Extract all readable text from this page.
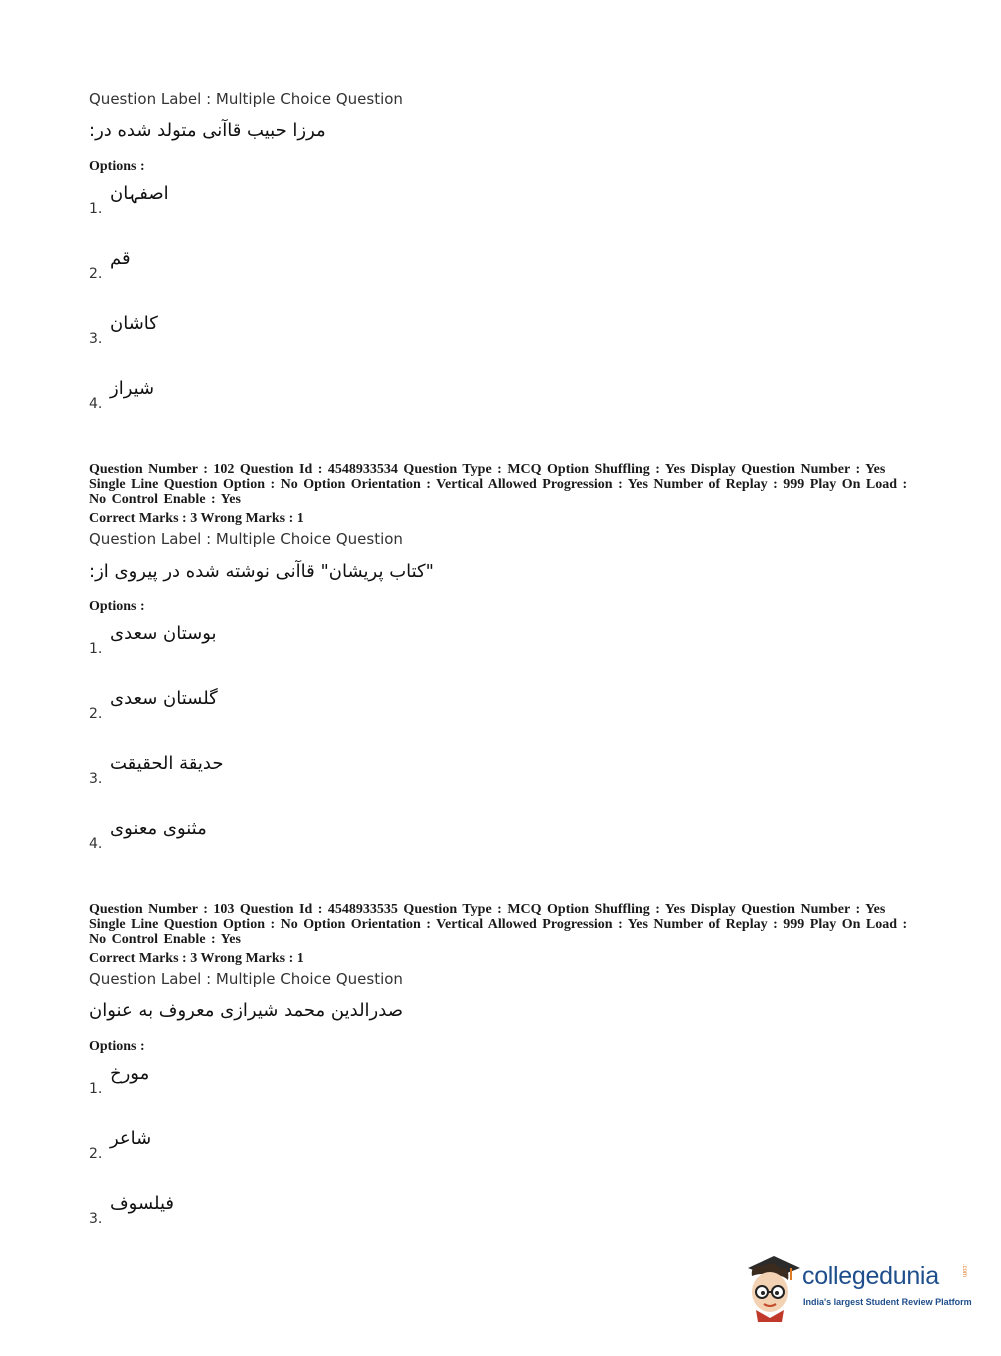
Question Label : Multiple Choice Question
مرزا حبیب قاآنی متولد شده در:
Options :
1.
اصفہان
2.
قم
3.
کاشان
4.
شیراز
Question Number : 102 Question Id : 4548933534 Question Type : MCQ Option Shuffling : Yes Display Question Number : Yes
Single Line Question Option : No Option Orientation : Vertical Allowed Progression : Yes Number of Replay : 999 Play On Load :
No Control Enable : Yes
Correct Marks : 3 Wrong Marks : 1
Question Label : Multiple Choice Question
"کتاب پریشان" قاآنی نوشته شده در پیروی از:
Options :
1.
بوستان سعدی
2.
گلستان سعدی
3.
حدیقة الحقیقت
4.
مثنوی معنوی
Question Number : 103 Question Id : 4548933535 Question Type : MCQ Option Shuffling : Yes Display Question Number : Yes
Single Line Question Option : No Option Orientation : Vertical Allowed Progression : Yes Number of Replay : 999 Play On Load :
No Control Enable : Yes
Correct Marks : 3 Wrong Marks : 1
Question Label : Multiple Choice Question
صدرالدین محمد شیرازی معروف به عنوان
Options :
1.
مورخ
2.
شاعر
3.
فیلسوف
collegedunia	.com
India's largest Student Review Platform
